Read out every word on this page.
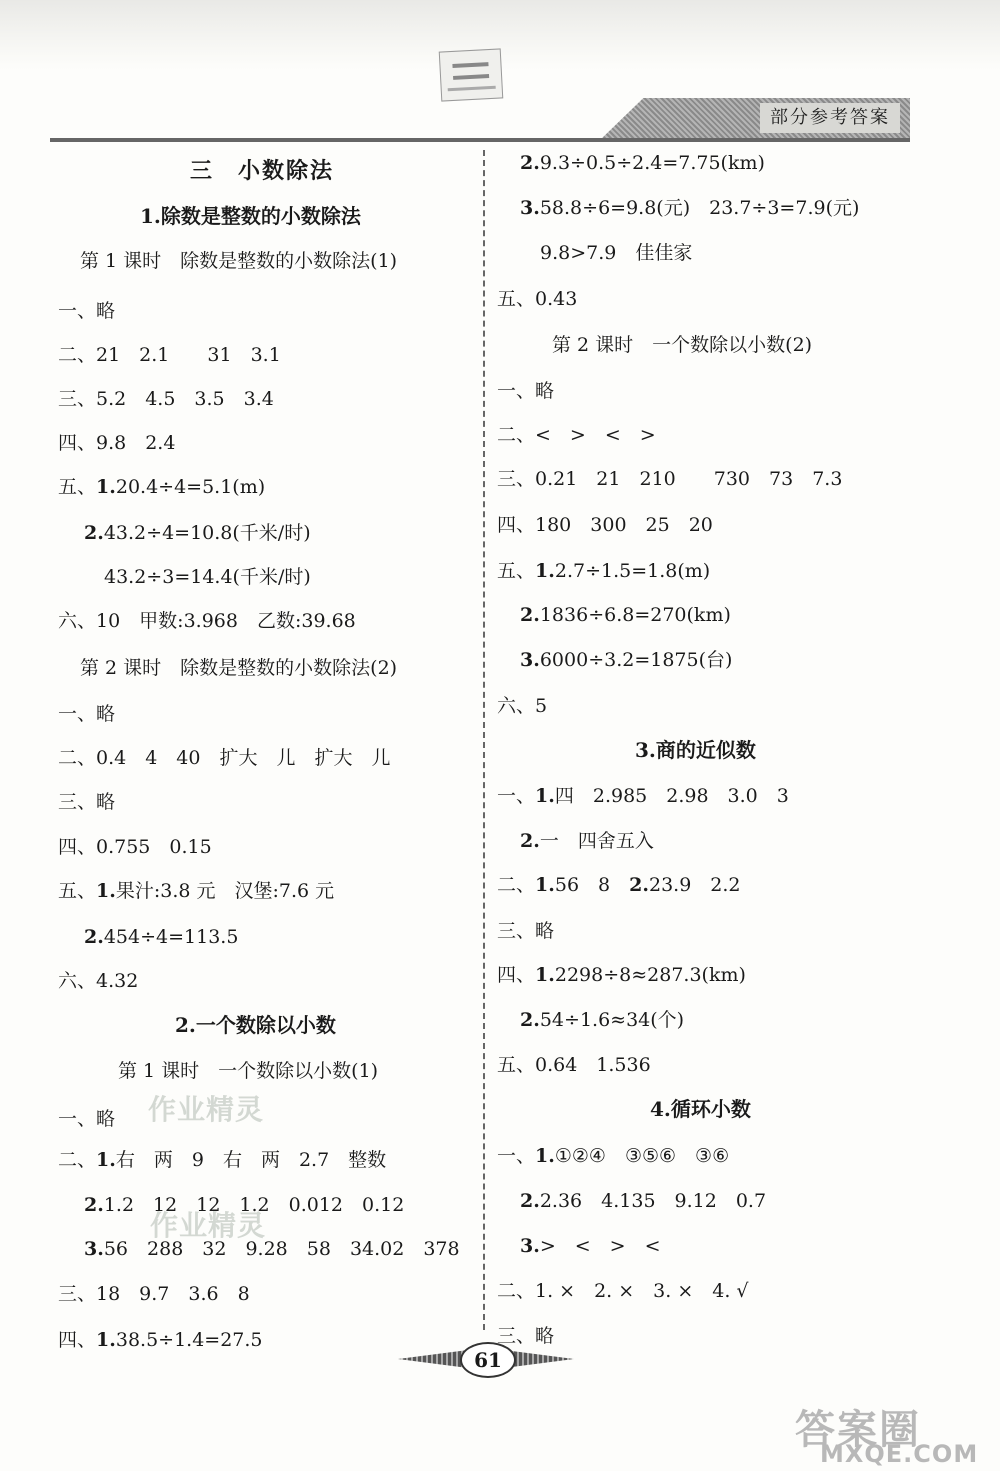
部分参考答案
三　小数除法
1.除数是整数的小数除法
第 1 课时　除数是整数的小数除法(1)
一、略
二、21　2.1　　31　3.1
三、5.2　4.5　3.5　3.4
四、9.8　2.4
五、1.20.4÷4=5.1(m)
2.43.2÷4=10.8(千米/时)
43.2÷3=14.4(千米/时)
六、10　甲数:3.968　乙数:39.68
第 2 课时　除数是整数的小数除法(2)
一、略
二、0.4　4　40　扩大　儿　扩大　儿
三、略
四、0.755　0.15
五、1.果汁:3.8 元　汉堡:7.6 元
2.454÷4=113.5
六、4.32
2.一个数除以小数
第 1 课时　一个数除以小数(1)
作业精灵
一、略
二、1.右　两　9　右　两　2.7　整数
作业精灵
2.1.2　12　12　1.2　0.012　0.12
3.56　288　32　9.28　58　34.02　378
三、18　9.7　3.6　8
四、1.38.5÷1.4=27.5
2.9.3÷0.5÷2.4=7.75(km)
3.58.8÷6=9.8(元)　23.7÷3=7.9(元)
9.8>7.9　佳佳家
五、0.43
第 2 课时　一个数除以小数(2)
一、略
二、<　>　<　>
三、0.21　21　210　　730　73　7.3
四、180　300　25　20
五、1.2.7÷1.5=1.8(m)
2.1836÷6.8=270(km)
3.6000÷3.2=1875(台)
六、5
3.商的近似数
一、1.四　2.985　2.98　3.0　3
2.一　四舍五入
二、1.56　8　 2.23.9　2.2
三、略
四、1.2298÷8≈287.3(km)
2.54÷1.6≈34(个)
五、0.64　1.536
4.循环小数
一、1.①②④　③⑤⑥　③⑥
2.2.36　4.135　9.12　0.7
3.>　<　>　<
二、1. ×　2. ×　3. ×　4. √
三、略
61
答案圈
MXQE.COM
